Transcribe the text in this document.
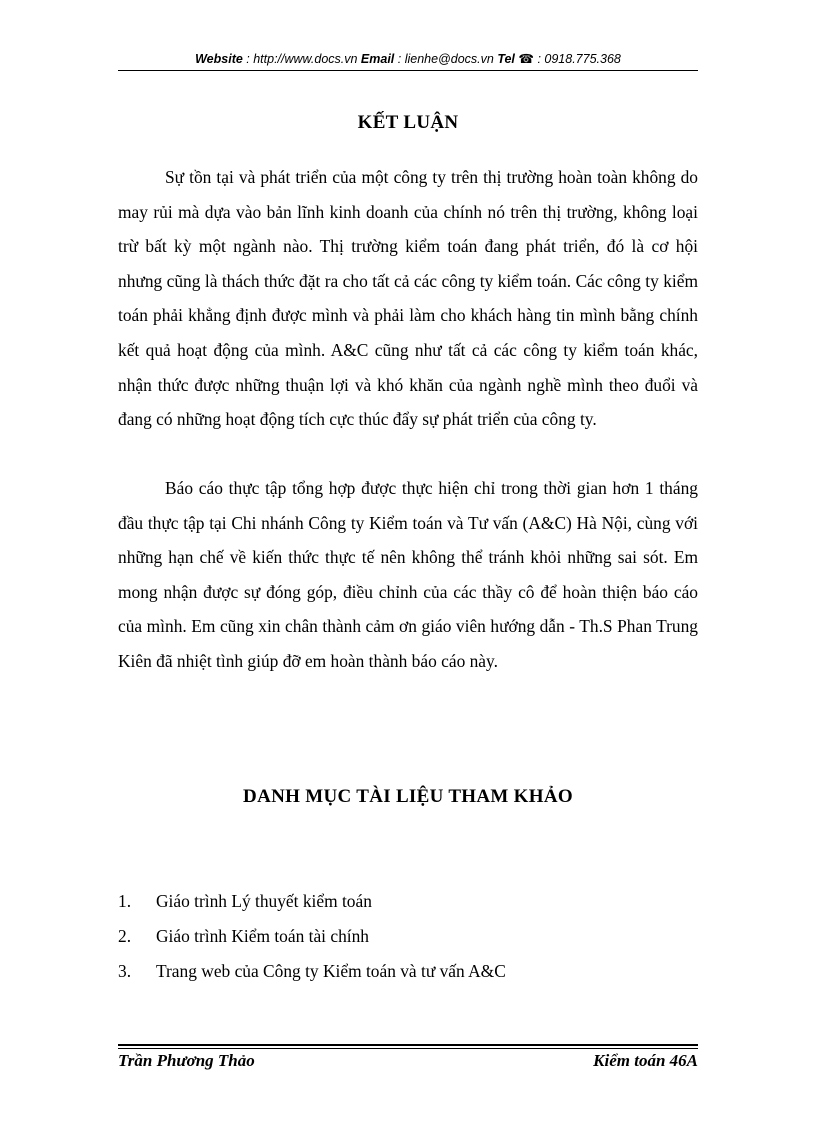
Website : http://www.docs.vn Email : lienhe@docs.vn Tel ☎ : 0918.775.368
KẾT LUẬN

Sự tồn tại và phát triển của một công ty trên thị trường hoàn toàn không do may rủi mà dựa vào bản lĩnh kinh doanh của chính nó trên thị trường, không loại trừ bất kỳ một ngành nào. Thị trường kiểm toán đang phát triển, đó là cơ hội nhưng cũng là thách thức đặt ra cho tất cả các công ty kiểm toán. Các công ty kiểm toán phải khẳng định được mình và phải làm cho khách hàng tin mình bằng chính kết quả hoạt động của mình. A&C cũng như tất cả các công ty kiểm toán khác, nhận thức được những thuận lợi và khó khăn của ngành nghề mình theo đuổi và đang có những hoạt động tích cực thúc đẩy sự phát triển của công ty.

Báo cáo thực tập tổng hợp được thực hiện chỉ trong thời gian hơn 1 tháng đầu thực tập tại Chi nhánh Công ty Kiểm toán và Tư vấn (A&C) Hà Nội, cùng với những hạn chế về kiến thức thực tế nên không thể tránh khỏi những sai sót. Em mong nhận được sự đóng góp, điều chỉnh của các thầy cô để hoàn thiện báo cáo của mình. Em cũng xin chân thành cảm ơn giáo viên hướng dẫn - Th.S Phan Trung Kiên đã nhiệt tình giúp đỡ em hoàn thành báo cáo này.

DANH MỤC TÀI LIỆU THAM KHẢO
1. Giáo trình Lý thuyết kiểm toán
2. Giáo trình Kiểm toán tài chính
3. Trang web của Công ty Kiểm toán và tư vấn A&C
Trần Phương Thảo	Kiểm toán 46A
